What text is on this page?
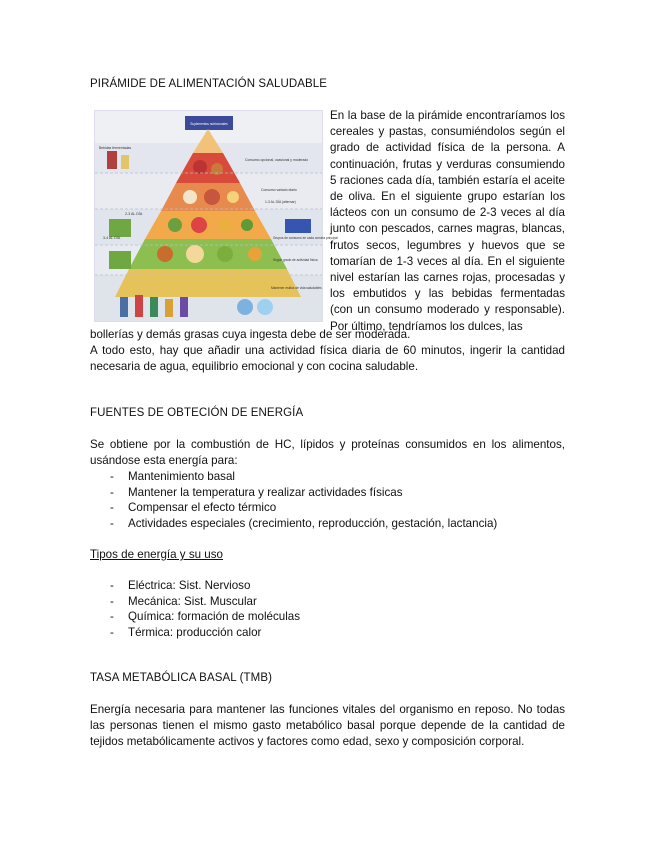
PIRÁMIDE DE ALIMENTACIÓN SALUDABLE
Suplementos nutricionales
Consumo opcional, ocasional y moderado
Bebidas fermentadas
2-3 AL DÍA
Consumo variado diario
1-3 AL DÍA (alternar)
3-4 AL DÍA	Grupos de consumo en cada comida principal
Según grado de actividad física
Mantener estilos de vida saludables
En la base de la pirámide encontraríamos los cereales y pastas, consumiéndolos según el grado de actividad física de la persona. A continuación, frutas y verduras consumiendo 5 raciones cada día, también estaría el aceite de oliva. En el siguiente grupo estarían los lácteos con un consumo de 2-3 veces al día junto con pescados, carnes magras, blancas, frutos secos, legumbres y huevos que se tomarían de 1-3 veces al día. En el siguiente nivel estarían las carnes rojas, procesadas y los embutidos y las bebidas fermentadas (con un consumo moderado y responsable). Por último, tendríamos los dulces, las
bollerías y demás grasas cuya ingesta debe de ser moderada.
A todo esto, hay que añadir una actividad física diaria de 60 minutos, ingerir la cantidad necesaria de agua, equilibrio emocional y con cocina saludable.
FUENTES DE OBTECIÓN DE ENERGÍA
Se obtiene por la combustión de HC, lípidos y proteínas consumidos en los alimentos, usándose esta energía para:
- Mantenimiento basal
- Mantener la temperatura y realizar actividades físicas
- Compensar el efecto térmico
- Actividades especiales (crecimiento, reproducción, gestación, lactancia)
Tipos de energía y su uso
- Eléctrica: Sist. Nervioso
- Mecánica: Sist. Muscular
- Química: formación de moléculas
- Térmica: producción calor
TASA METABÓLICA BASAL (TMB)
Energía necesaria para mantener las funciones vitales del organismo en reposo. No todas las personas tienen el mismo gasto metabólico basal porque depende de la cantidad de tejidos metabólicamente activos y factores como edad, sexo y composición corporal.
